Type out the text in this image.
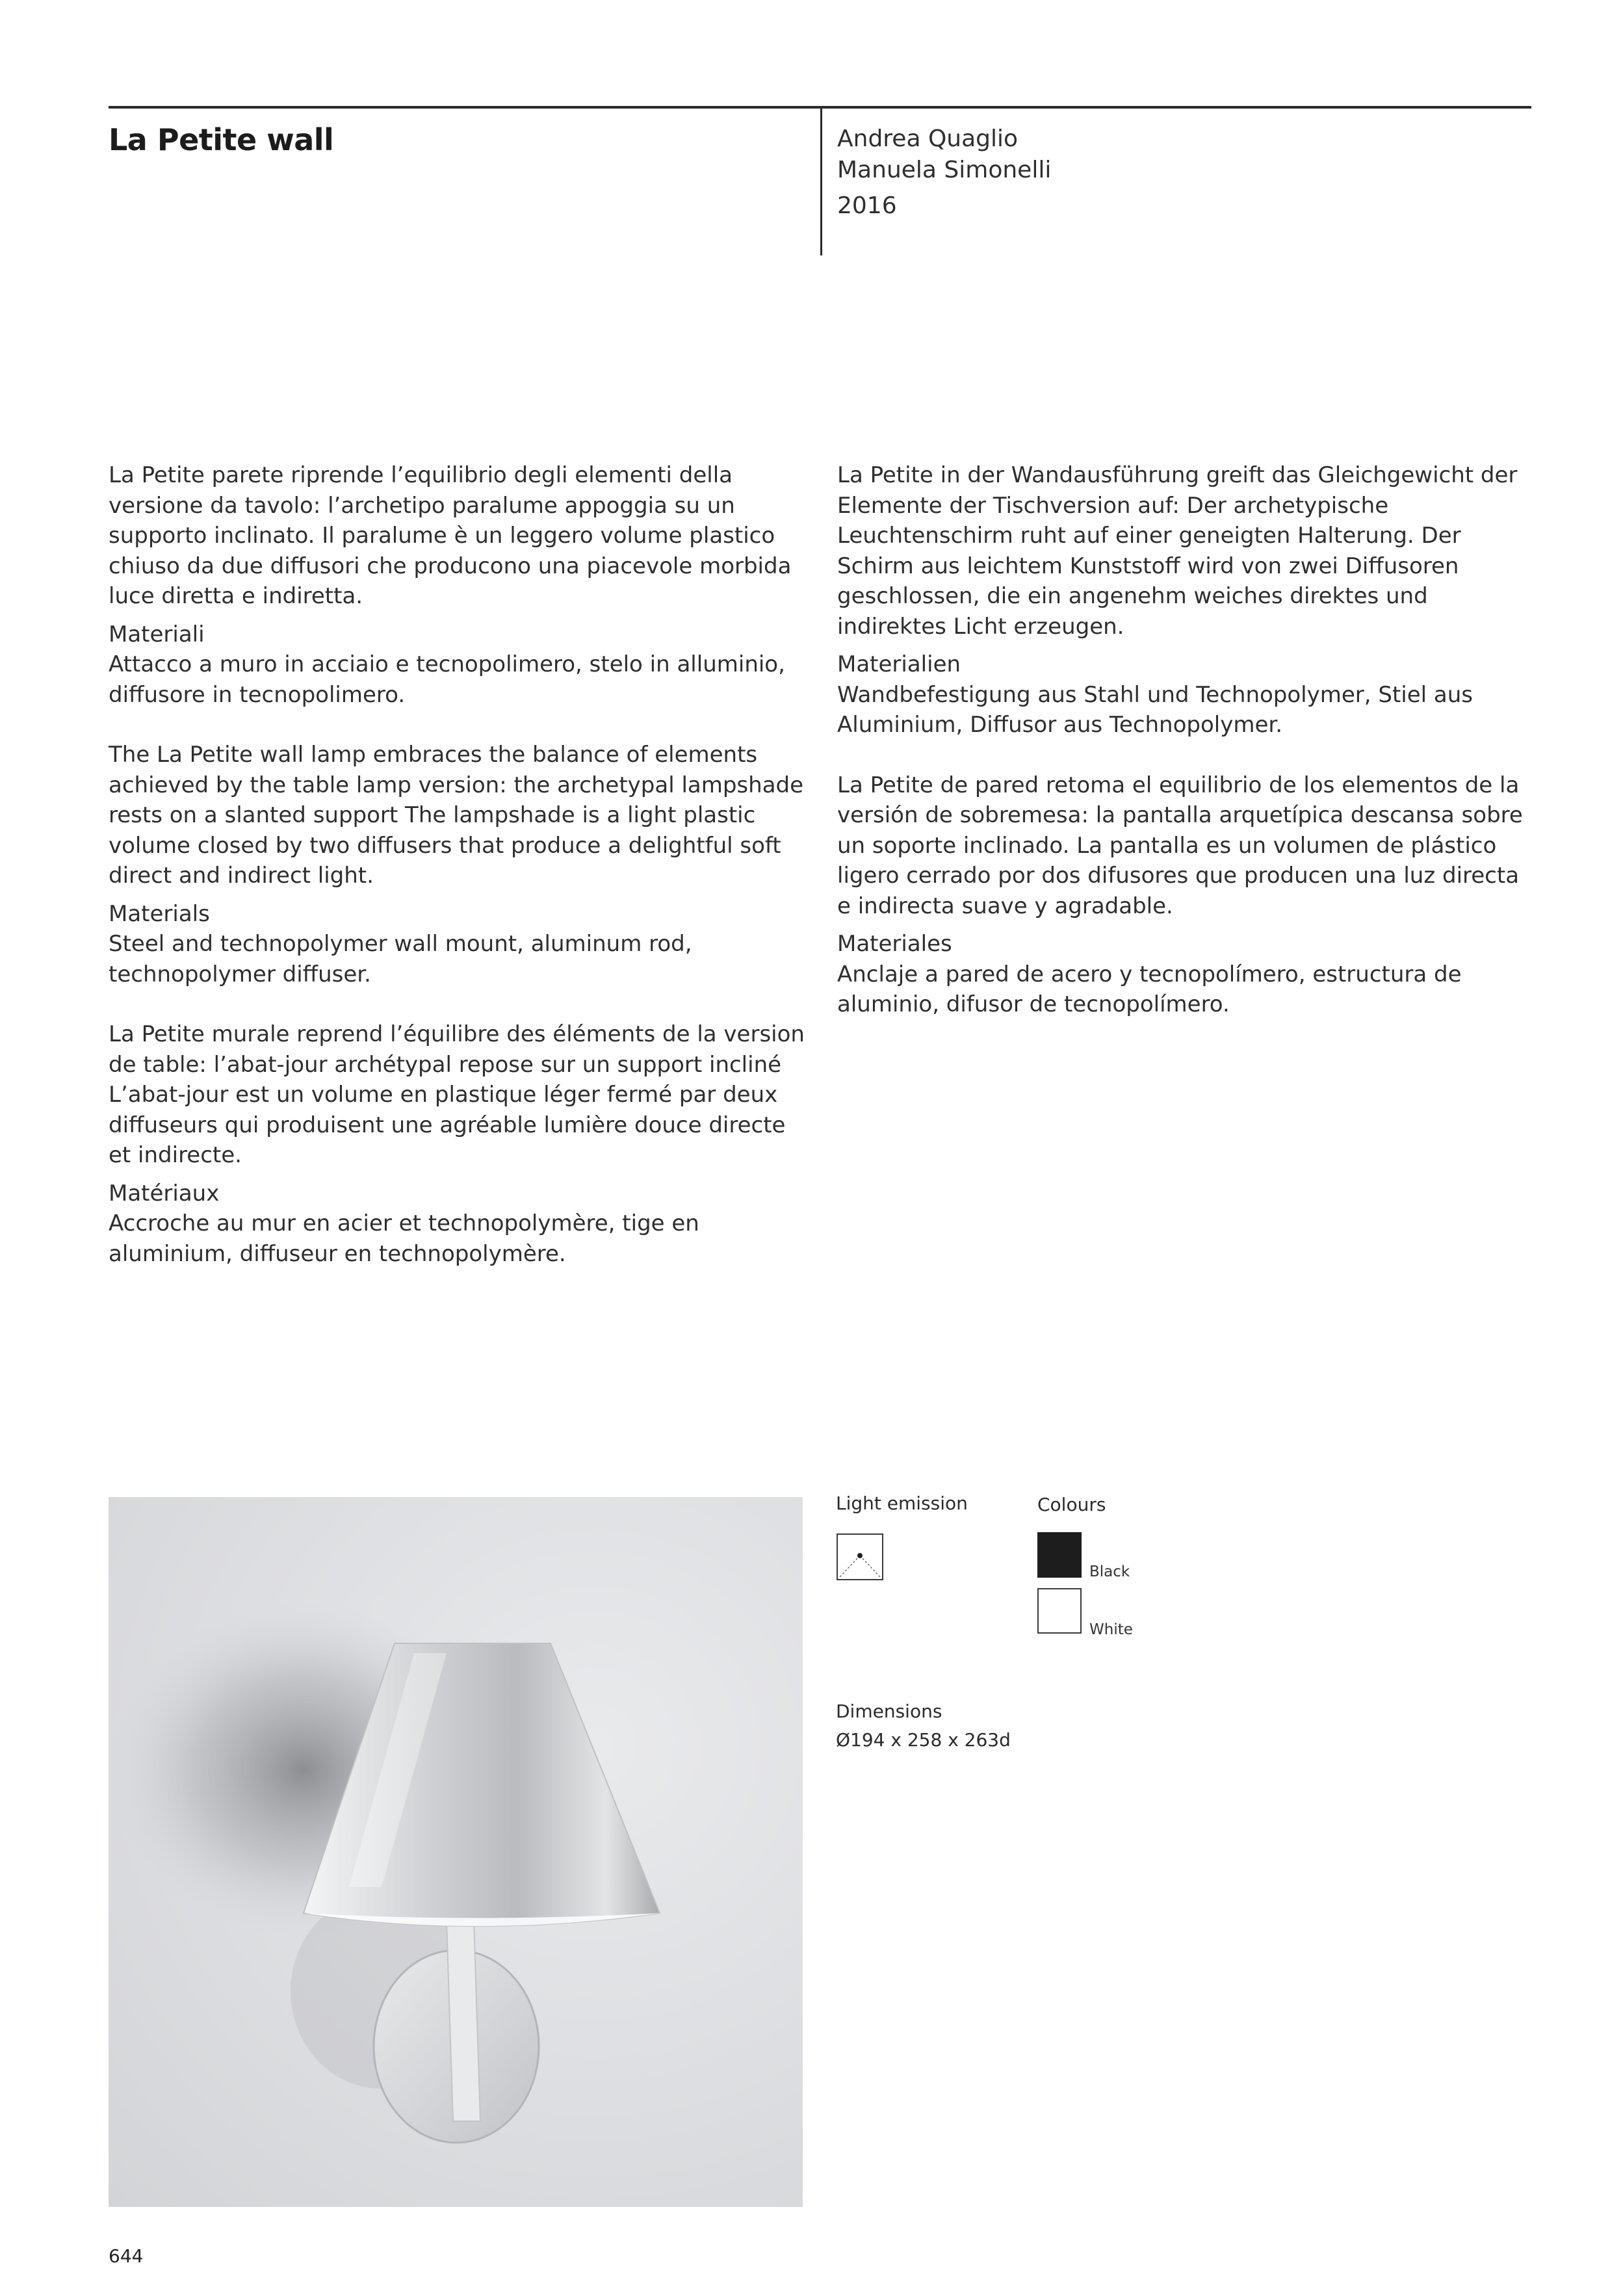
La Petite wall	Andrea Quaglio
Manuela Simonelli
2016

La Petite parete riprende l’equilibrio degli elementi della versione da tavolo: l’archetipo paralume appoggia su un supporto inclinato. Il paralume è un leggero volume plastico chiuso da due diffusori che producono una piacevole morbida luce diretta e indiretta.

Materiali

Attacco a muro in acciaio e tecnopolimero, stelo in alluminio, diffusore in tecnopolimero.

The La Petite wall lamp embraces the balance of elements achieved by the table lamp version: the archetypal lampshade rests on a slanted support The lampshade is a light plastic volume closed by two diffusers that produce a delightful soft direct and indirect light.

Materials

Steel and technopolymer wall mount, aluminum rod, technopolymer diffuser.

La Petite murale reprend l’équilibre des éléments de la version de table: l’abat-jour archétypal repose sur un support incliné L’abat-jour est un volume en plastique léger fermé par deux diffuseurs qui produisent une agréable lumière douce directe et indirecte.

Matériaux

Accroche au mur en acier et technopolymère, tige en aluminium, diffuseur en technopolymère.

La Petite in der Wandausführung greift das Gleichgewicht der Elemente der Tischversion auf: Der archetypische Leuchtenschirm ruht auf einer geneigten Halterung. Der Schirm aus leichtem Kunststoff wird von zwei Diffusoren geschlossen, die ein angenehm weiches direktes und indirektes Licht erzeugen.

Materialien

Wandbefestigung aus Stahl und Technopolymer, Stiel aus Aluminium, Diffusor aus Technopolymer.

La Petite de pared retoma el equilibrio de los elementos de la versión de sobremesa: la pantalla arquetípica descansa sobre un soporte inclinado. La pantalla es un volumen de plástico ligero cerrado por dos difusores que producen una luz directa e indirecta suave y agradable.

Materiales

Anclaje a pared de acero y tecnopolímero, estructura de aluminio, difusor de tecnopolímero.

Light emission	Colours
Black
White
Dimensions
Ø194 x 258 x 263d
644
